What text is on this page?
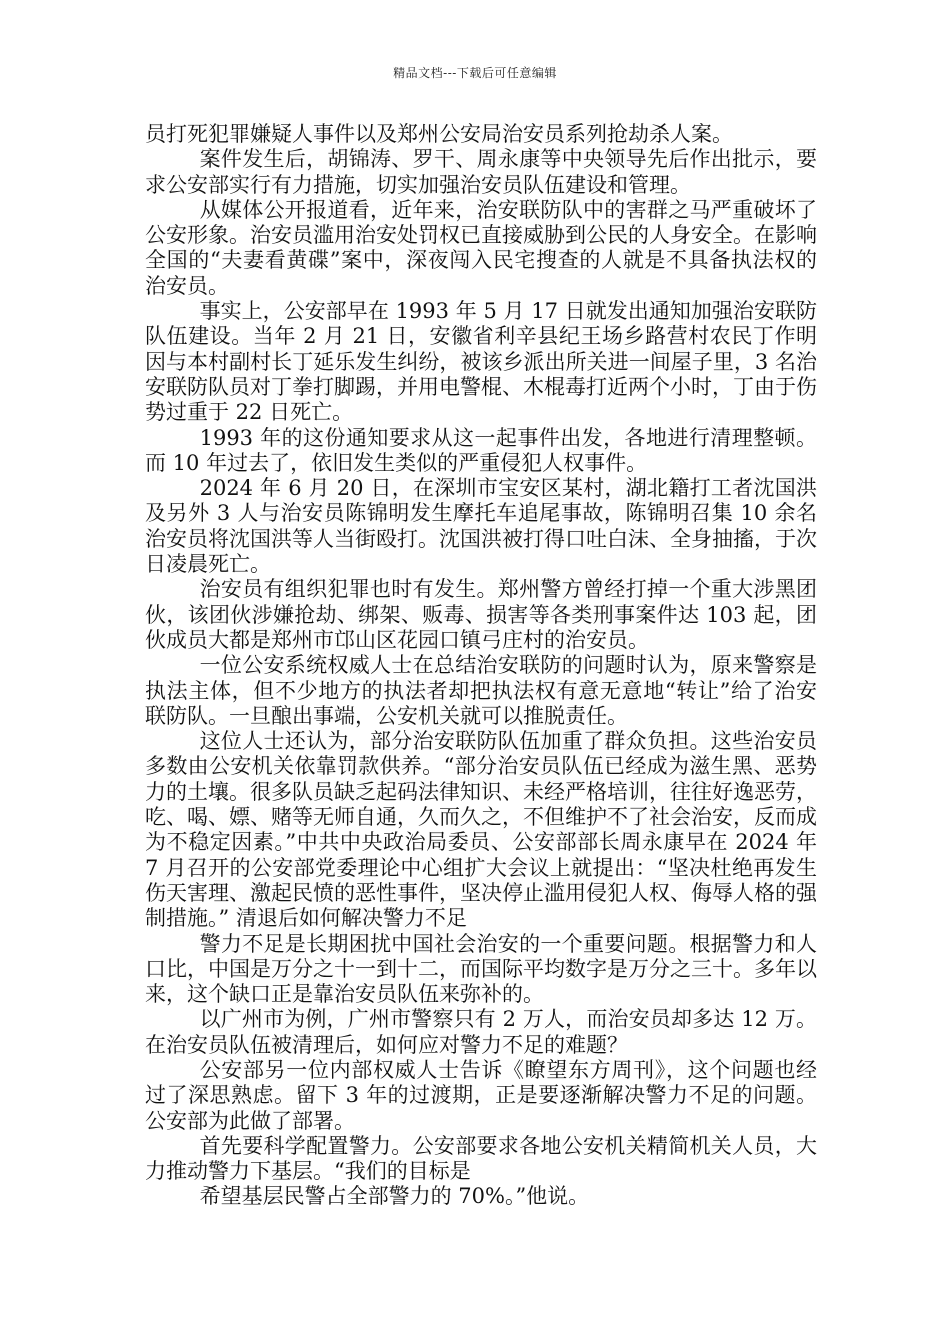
精品文档---下载后可任意编辑

员打死犯罪嫌疑人事件以及郑州公安局治安员系列抢劫杀人案。

案件发生后，胡锦涛、罗干、周永康等中央领导先后作出批示，要求公安部实行有力措施，切实加强治安员队伍建设和管理。

从媒体公开报道看，近年来，治安联防队中的害群之马严重破坏了公安形象。治安员滥用治安处罚权已直接威胁到公民的人身安全。在影响全国的“夫妻看黄碟”案中，深夜闯入民宅搜查的人就是不具备执法权的治安员。

事实上，公安部早在 1993 年 5 月 17 日就发出通知加强治安联防队伍建设。当年 2 月 21 日，安徽省利辛县纪王场乡路营村农民丁作明因与本村副村长丁延乐发生纠纷，被该乡派出所关进一间屋子里，3 名治安联防队员对丁拳打脚踢，并用电警棍、木棍毒打近两个小时，丁由于伤势过重于 22 日死亡。

1993 年的这份通知要求从这一起事件出发，各地进行清理整顿。而 10 年过去了，依旧发生类似的严重侵犯人权事件。

2024 年 6 月 20 日，在深圳市宝安区某村，湖北籍打工者沈国洪及另外 3 人与治安员陈锦明发生摩托车追尾事故，陈锦明召集 10 余名治安员将沈国洪等人当街殴打。沈国洪被打得口吐白沫、全身抽搐，于次日凌晨死亡。

治安员有组织犯罪也时有发生。郑州警方曾经打掉一个重大涉黑团伙，该团伙涉嫌抢劫、绑架、贩毒、损害等各类刑事案件达 103 起，团伙成员大都是郑州市邙山区花园口镇弓庄村的治安员。

一位公安系统权威人士在总结治安联防的问题时认为，原来警察是执法主体，但不少地方的执法者却把执法权有意无意地“转让”给了治安联防队。一旦酿出事端，公安机关就可以推脱责任。

这位人士还认为，部分治安联防队伍加重了群众负担。这些治安员多数由公安机关依靠罚款供养。“部分治安员队伍已经成为滋生黑、恶势力的土壤。很多队员缺乏起码法律知识、未经严格培训，往往好逸恶劳，吃、喝、嫖、赌等无师自通，久而久之，不但维护不了社会治安，反而成为不稳定因素。”中共中央政治局委员、公安部部长周永康早在 2024 年 7 月召开的公安部党委理论中心组扩大会议上就提出：“坚决杜绝再发生伤天害理、激起民愤的恶性事件，坚决停止滥用侵犯人权、侮辱人格的强制措施。” 清退后如何解决警力不足

警力不足是长期困扰中国社会治安的一个重要问题。根据警力和人口比，中国是万分之十一到十二，而国际平均数字是万分之三十。多年以来，这个缺口正是靠治安员队伍来弥补的。

以广州市为例，广州市警察只有 2 万人，而治安员却多达 12 万。在治安员队伍被清理后，如何应对警力不足的难题？

公安部另一位内部权威人士告诉《瞭望东方周刊》，这个问题也经过了深思熟虑。留下 3 年的过渡期，正是要逐渐解决警力不足的问题。公安部为此做了部署。

首先要科学配置警力。公安部要求各地公安机关精简机关人员，大力推动警力下基层。“我们的目标是

希望基层民警占全部警力的 70%。”他说。
